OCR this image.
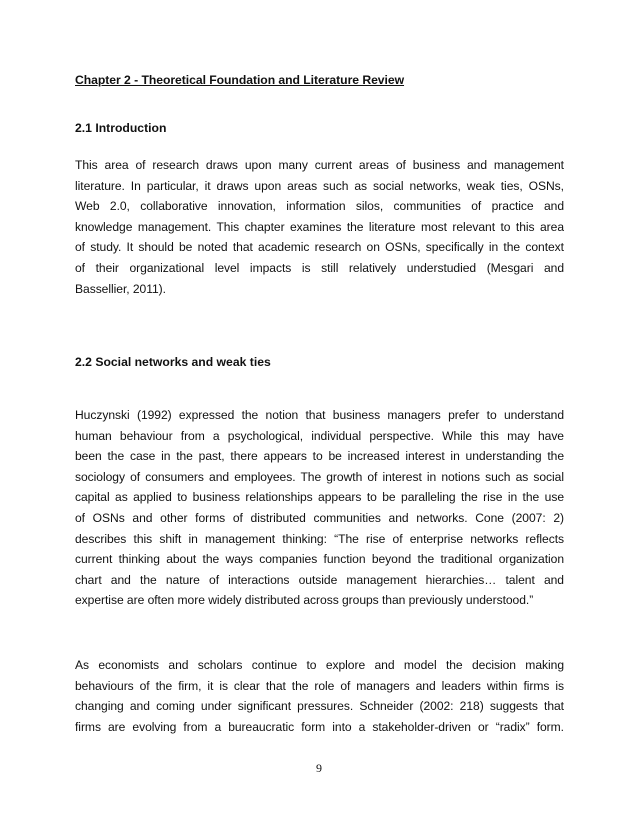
Chapter 2 - Theoretical Foundation and Literature Review
2.1 Introduction
This area of research draws upon many current areas of business and management
literature. In particular, it draws upon areas such as social networks, weak ties, OSNs,
Web 2.0, collaborative innovation, information silos, communities of practice and
knowledge management. This chapter examines the literature most relevant to this area
of study. It should be noted that academic research on OSNs, specifically in the context
of their organizational level impacts is still relatively understudied (Mesgari and
Bassellier, 2011).
2.2 Social networks and weak ties
Huczynski (1992) expressed the notion that business managers prefer to understand
human behaviour from a psychological, individual perspective. While this may have
been the case in the past, there appears to be increased interest in understanding the
sociology of consumers and employees. The growth of interest in notions such as social
capital as applied to business relationships appears to be paralleling the rise in the use
of OSNs and other forms of distributed communities and networks. Cone (2007: 2)
describes this shift in management thinking: “The rise of enterprise networks reflects
current thinking about the ways companies function beyond the traditional organization
chart and the nature of interactions outside management hierarchies… talent and
expertise are often more widely distributed across groups than previously understood.”
As economists and scholars continue to explore and model the decision making
behaviours of the firm, it is clear that the role of managers and leaders within firms is
changing and coming under significant pressures. Schneider (2002: 218) suggests that
firms are evolving from a bureaucratic form into a stakeholder-driven or “radix” form.
9
